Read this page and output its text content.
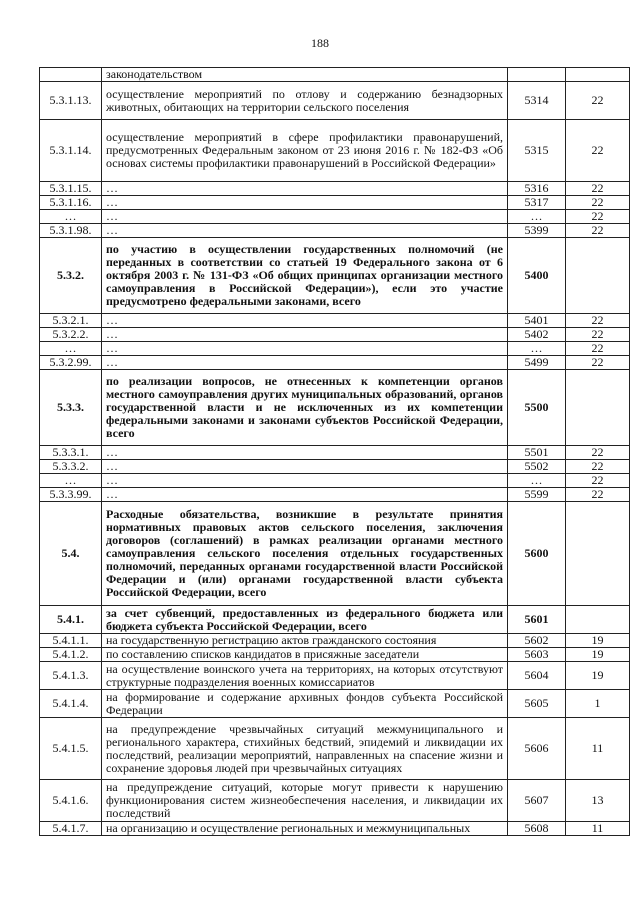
188
	законодательством		
5.3.1.13.	осуществление мероприятий по отлову и содержанию безнадзорных животных, обитающих на территории сельского поселения	5314	22
5.3.1.14.	осуществление мероприятий в сфере профилактики правонарушений, предусмотренных Федеральным законом от 23 июня 2016 г. № 182-ФЗ «Об основах системы профилактики правонарушений в Российской Федерации»	5315	22
5.3.1.15.	…	5316	22
5.3.1.16.	…	5317	22
…	…	…	22
5.3.1.98.	…	5399	22
5.3.2.	по участию в осуществлении государственных полномочий (не переданных в соответствии со статьей 19 Федерального закона от 6 октября 2003 г. № 131-ФЗ «Об общих принципах организации местного самоуправления в Российской Федерации»), если это участие предусмотрено федеральными законами, всего	5400	
5.3.2.1.	…	5401	22
5.3.2.2.	…	5402	22
…	…	…	22
5.3.2.99.	…	5499	22
5.3.3.	по реализации вопросов, не отнесенных к компетенции органов местного самоуправления других муниципальных образований, органов государственной власти и не исключенных из их компетенции федеральными законами и законами субъектов Российской Федерации, всего	5500	
5.3.3.1.	…	5501	22
5.3.3.2.	…	5502	22
…	…	…	22
5.3.3.99.	…	5599	22
5.4.	Расходные обязательства, возникшие в результате принятия нормативных правовых актов сельского поселения, заключения договоров (соглашений) в рамках реализации органами местного самоуправления сельского поселения отдельных государственных полномочий, переданных органами государственной власти Российской Федерации и (или) органами государственной власти субъекта Российской Федерации, всего	5600	
5.4.1.	за счет субвенций, предоставленных из федерального бюджета или бюджета субъекта Российской Федерации, всего	5601	
5.4.1.1.	на государственную регистрацию актов гражданского состояния	5602	19
5.4.1.2.	по составлению списков кандидатов в присяжные заседатели	5603	19
5.4.1.3.	на осуществление воинского учета на территориях, на которых отсутствуют структурные подразделения военных комиссариатов	5604	19
5.4.1.4.	на формирование и содержание архивных фондов субъекта Российской Федерации	5605	1
5.4.1.5.	на предупреждение чрезвычайных ситуаций межмуниципального и регионального характера, стихийных бедствий, эпидемий и ликвидации их последствий, реализации мероприятий, направленных на спасение жизни и сохранение здоровья людей при чрезвычайных ситуациях	5606	11
5.4.1.6.	на предупреждение ситуаций, которые могут привести к нарушению функционирования систем жизнеобеспечения населения, и ликвидации их последствий	5607	13
5.4.1.7.	на организацию и осуществление региональных и межмуниципальных	5608	11
